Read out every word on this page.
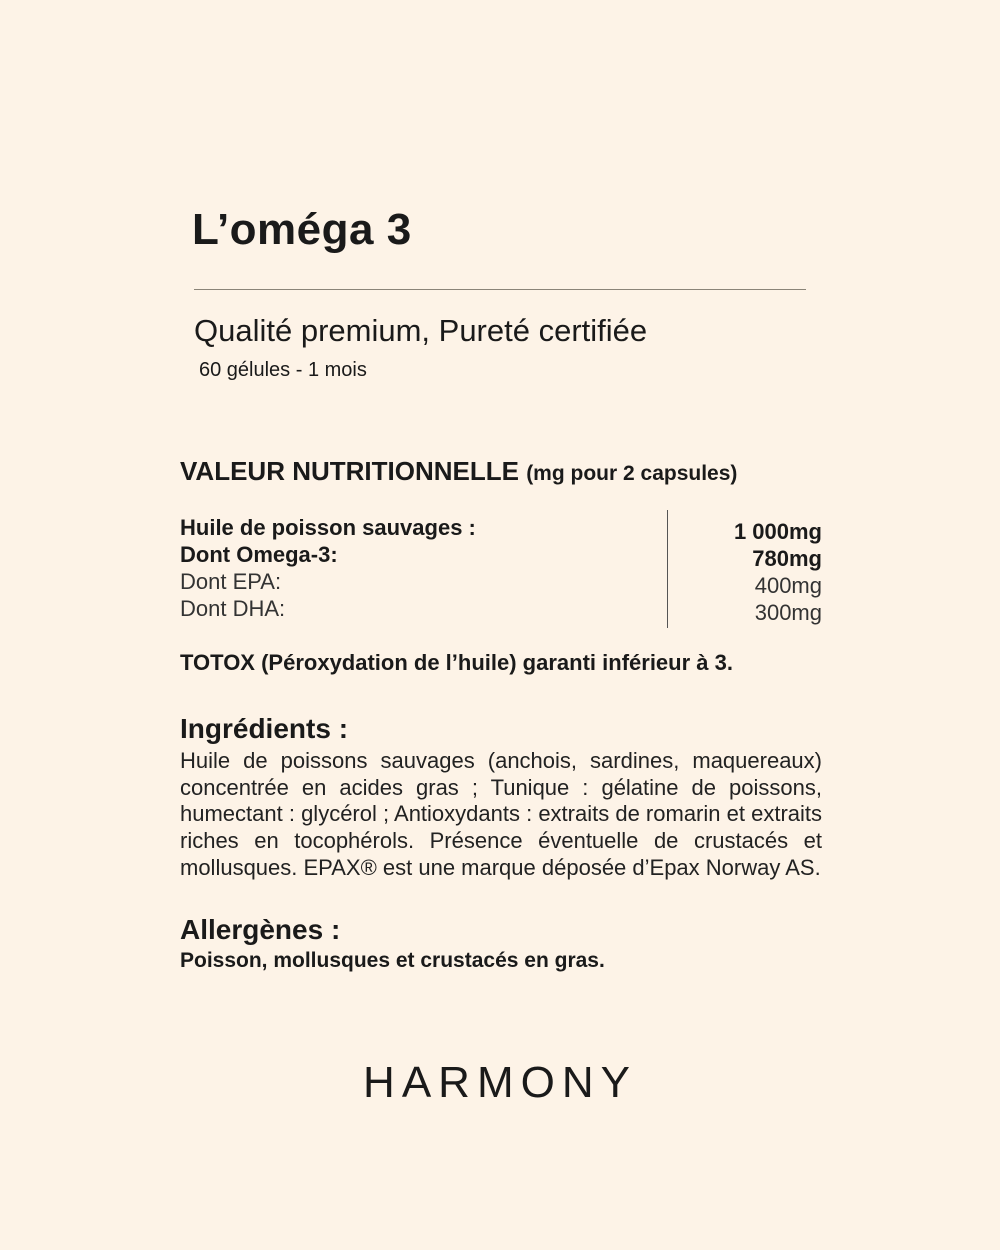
L’oméga 3
Qualité premium, Pureté certifiée
60 gélules - 1 mois
VALEUR NUTRITIONNELLE (mg pour 2 capsules)
Huile de poisson sauvages :
Dont Omega-3:
Dont EPA:
Dont DHA:
1 000mg
780mg
400mg
300mg
TOTOX (Péroxydation de l’huile) garanti inférieur à 3.
Ingrédients :

Huile de poissons sauvages (anchois, sardines, maquereaux) concentrée en acides gras ; Tunique : gélatine de poissons, humectant : glycérol ; Antioxydants : extraits de romarin et extraits riches en tocophérols. Présence éventuelle de crustacés et mollusques. EPAX® est une marque déposée d’Epax Norway AS.

Allergènes :
Poisson, mollusques et crustacés en gras.
HARMONY
